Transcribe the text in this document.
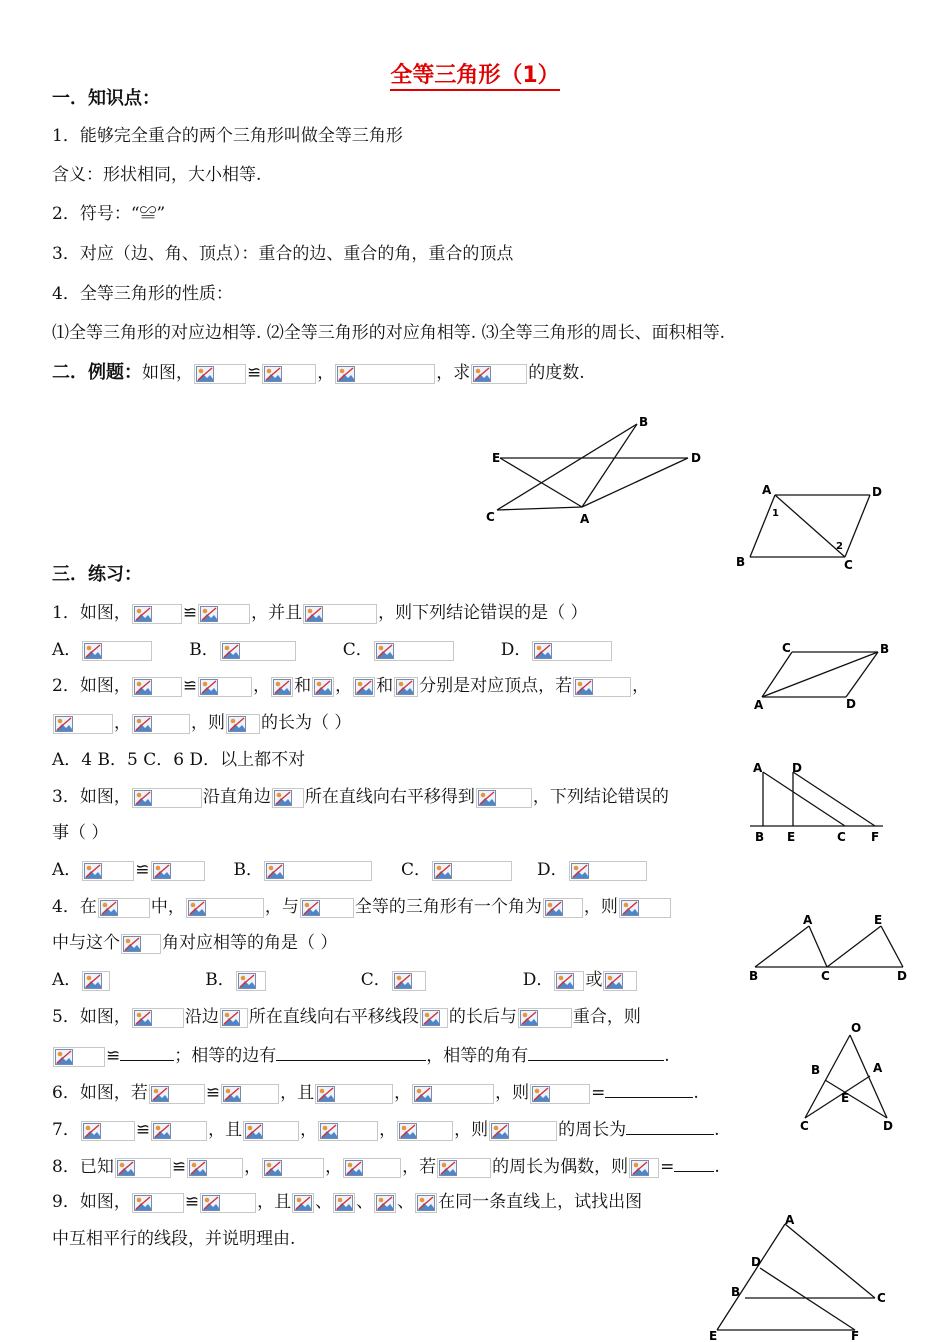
全等三角形（1）
一．知识点：
1．能够完全重合的两个三角形叫做全等三角形
含义：形状相同，大小相等.
2．符号：“≌”
3．对应（边、角、顶点）：重合的边、重合的角，重合的顶点
4．全等三角形的性质：
⑴全等三角形的对应边相等. ⑵全等三角形的对应角相等. ⑶全等三角形的周长、面积相等.
二．例题：如图，	≌	，	，求	的度数.
B
E	D
C	A
A	D
1
2
B	C
三．练习：
1．如图，	≌	，并且	，则下列结论错误的是（ ）
A．	B．	C．	D．	C	B
A	D
2．如图，	≌	， 和 ， 和 分别是对应顶点，若	，
，	，则 的长为（ ）
A．4 B．5 C．6 D．以上都不对	A D
B E	C F
3．如图，	沿直角边 所在直线向右平移得到	，下列结论错误的
事（ ）
A．	≌	B．	C．	D．
4．在	中，	，与	全等的三角形有一个角为 ，则
A	E
B	C	D
中与这个 角对应相等的角是（ ）
A．	B．	C．	D． 或
5．如图，	沿边 所在直线向右平移线段 的长后与	重合，则
≌	；相等的边有	，相等的角有	.
O
B	A
E
C	D
6．如图，若	≌	，且	，	，则	=	.
7．	≌	，且	，	，	，则	的周长为	.
8．已知	≌	，	，	，若	的周长为偶数，则 = .
9．如图，	≌	，且 、 、 、 在同一条直线上，试找出图
中互相平行的线段，并说明理由.
A
D
B	C
E	F
